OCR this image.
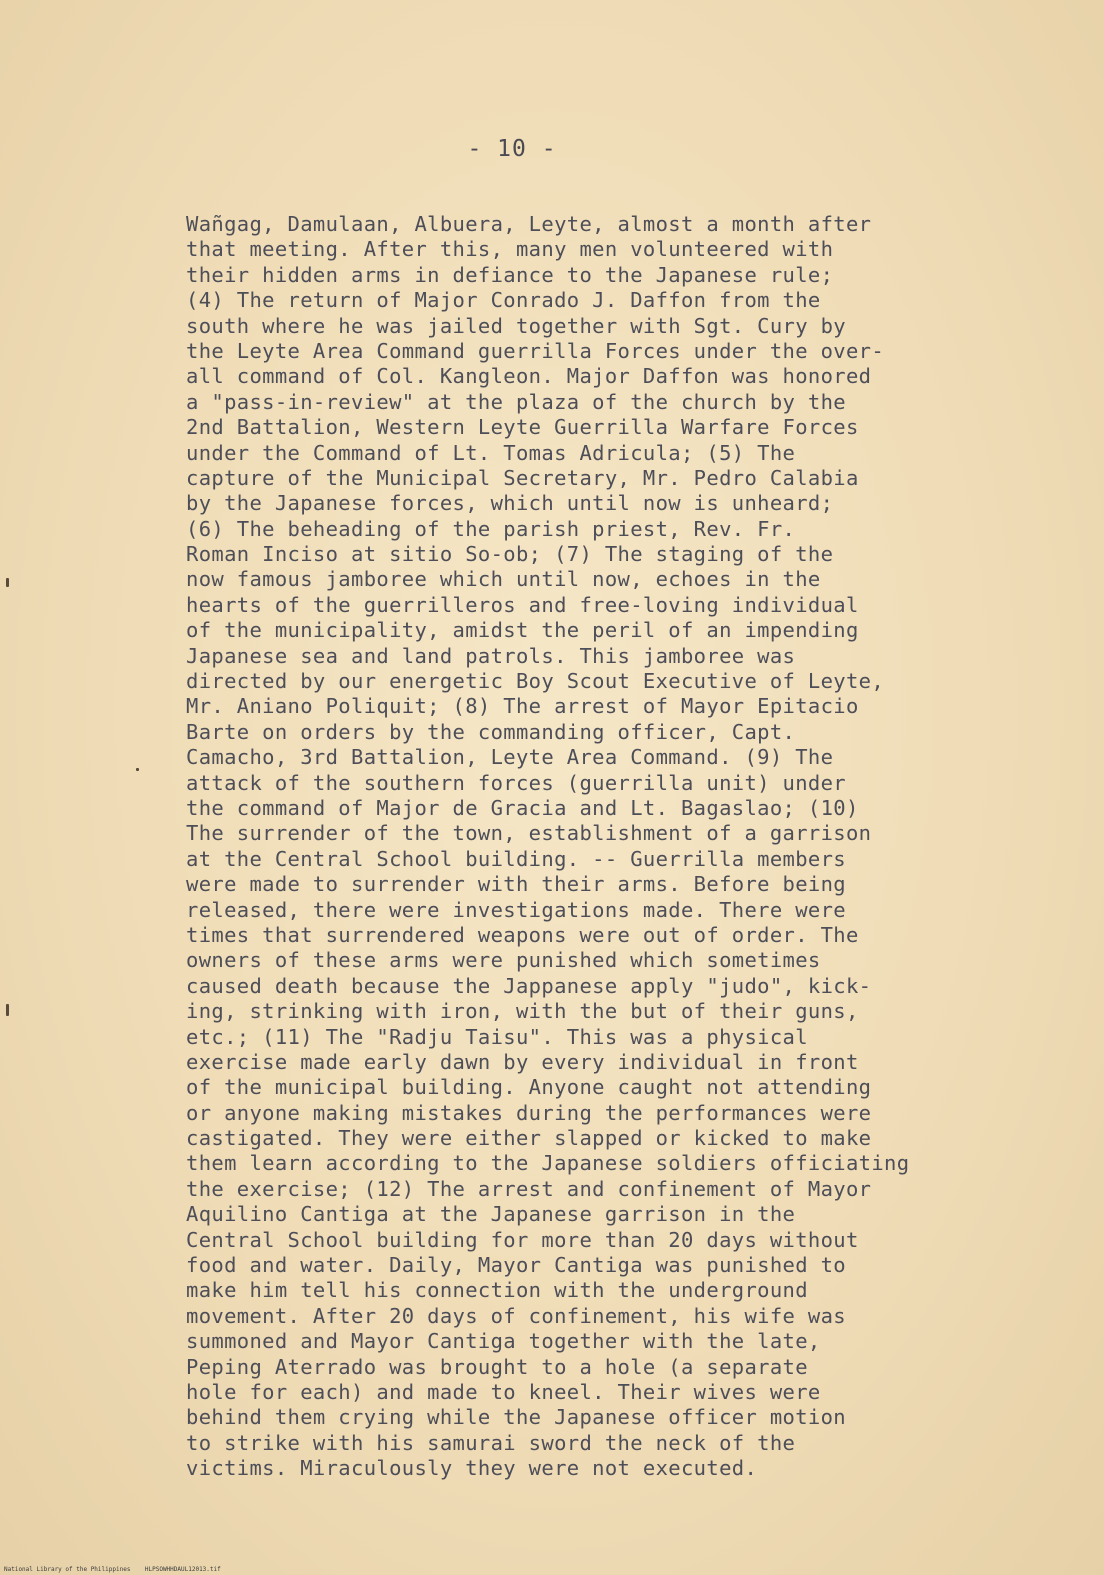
- 10 -
Wañgag, Damulaan, Albuera, Leyte, almost a month after
that meeting. After this, many men volunteered with
their hidden arms in defiance to the Japanese rule;
(4) The return of Major Conrado J. Daffon from the
south where he was jailed together with Sgt. Cury by
the Leyte Area Command guerrilla Forces under the over-
all command of Col. Kangleon. Major Daffon was honored
a "pass-in-review" at the plaza of the church by the
2nd Battalion, Western Leyte Guerrilla Warfare Forces
under the Command of Lt. Tomas Adricula; (5) The
capture of the Municipal Secretary, Mr. Pedro Calabia
by the Japanese forces, which until now is unheard;
(6) The beheading of the parish priest, Rev. Fr.
Roman Inciso at sitio So-ob; (7) The staging of the
now famous jamboree which until now, echoes in the
hearts of the guerrilleros and free-loving individual
of the municipality, amidst the peril of an impending
Japanese sea and land patrols. This jamboree was
directed by our energetic Boy Scout Executive of Leyte,
Mr. Aniano Poliquit; (8) The arrest of Mayor Epitacio
Barte on orders by the commanding officer, Capt.
Camacho, 3rd Battalion, Leyte Area Command. (9) The
attack of the southern forces (guerrilla unit) under
the command of Major de Gracia and Lt. Bagaslao; (10)
The surrender of the town, establishment of a garrison
at the Central School building. -- Guerrilla members
were made to surrender with their arms. Before being
released, there were investigations made. There were
times that surrendered weapons were out of order. The
owners of these arms were punished which sometimes
caused death because the Jappanese apply "judo", kick-
ing, strinking with iron, with the but of their guns,
etc.; (11) The "Radju Taisu". This was a physical
exercise made early dawn by every individual in front
of the municipal building. Anyone caught not attending
or anyone making mistakes during the performances were
castigated. They were either slapped or kicked to make
them learn according to the Japanese soldiers officiating
the exercise; (12) The arrest and confinement of Mayor
Aquilino Cantiga at the Japanese garrison in the
Central School building for more than 20 days without
food and water. Daily, Mayor Cantiga was punished to
make him tell his connection with the underground
movement. After 20 days of confinement, his wife was
summoned and Mayor Cantiga together with the late,
Peping Aterrado was brought to a hole (a separate
hole for each) and made to kneel. Their wives were
behind them crying while the Japanese officer motion
to strike with his samurai sword the neck of the
victims. Miraculously they were not executed.
National Library of the Philippines    HLPSOWHHDAUL12013.tif
